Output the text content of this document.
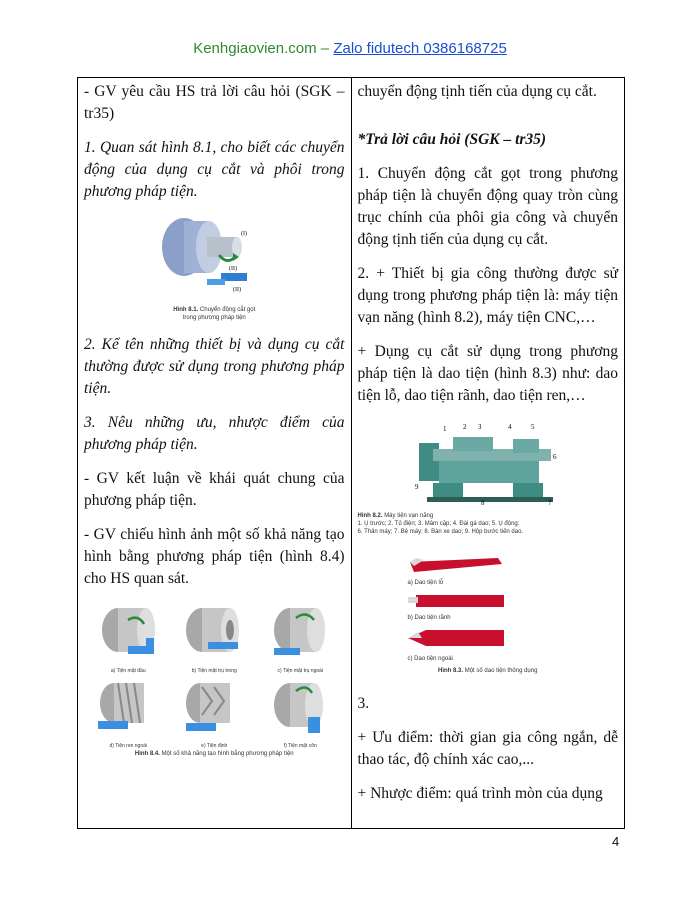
Kenhgiaovien.com – Zalo fidutech 0386168725

- GV yêu cầu HS trả lời câu hỏi (SGK – tr35)

1. Quan sát hình 8.1, cho biết các chuyển động của dụng cụ cắt và phôi trong phương pháp tiện.

(I)
(II)
(II)
Hình 8.1. Chuyển động cắt gọt
trong phương pháp tiện

2. Kể tên những thiết bị và dụng cụ cắt thường được sử dụng trong phương pháp tiện.

3. Nêu những ưu, nhược điểm của phương pháp tiện.

- GV kết luận về khái quát chung của phương pháp tiện.

- GV chiếu hình ảnh một số khả năng tạo hình bằng phương pháp tiện (hình 8.4) cho HS quan sát.

a) Tiện mặt đầu	b) Tiện mặt trụ trong	c) Tiện mặt trụ ngoài
d) Tiện ren ngoài	e) Tiện định	f) Tiện mặt côn
Hình 8.4. Một số khả năng tạo hình bằng phương pháp tiện

chuyển động tịnh tiến của dụng cụ cắt.

*Trả lời câu hỏi (SGK – tr35)

1. Chuyển động cắt gọt trong phương pháp tiện là chuyển động quay tròn cùng trục chính của phôi gia công và chuyển động tịnh tiến của dụng cụ cắt.

2. + Thiết bị gia công thường được sử dụng trong phương pháp tiện là: máy tiện vạn năng (hình 8.2), máy tiện CNC,…

+ Dụng cụ cắt sử dụng trong phương pháp tiện là dao tiện (hình 8.3) như: dao tiện lỗ, dao tiện rãnh, dao tiện ren,…

1 2 3	4	5
6
7
8
9
Hình 8.2. Máy tiện vạn năng
1. Ụ trước; 2. Tủ điện; 3. Mâm cặp; 4. Đài gá dao; 5. Ụ động;
6. Thân máy; 7. Bệ máy; 8. Bàn xe dao; 9. Hộp bước tiến dao.
a) Dao tiện lỗ
b) Dao tiện rãnh
c) Dao tiện ngoài
Hình 8.3. Một số dao tiện thông dụng

3.

+ Ưu điểm: thời gian gia công ngắn, dễ thao tác, độ chính xác cao,...

+ Nhược điểm: quá trình mòn của dụng

4
